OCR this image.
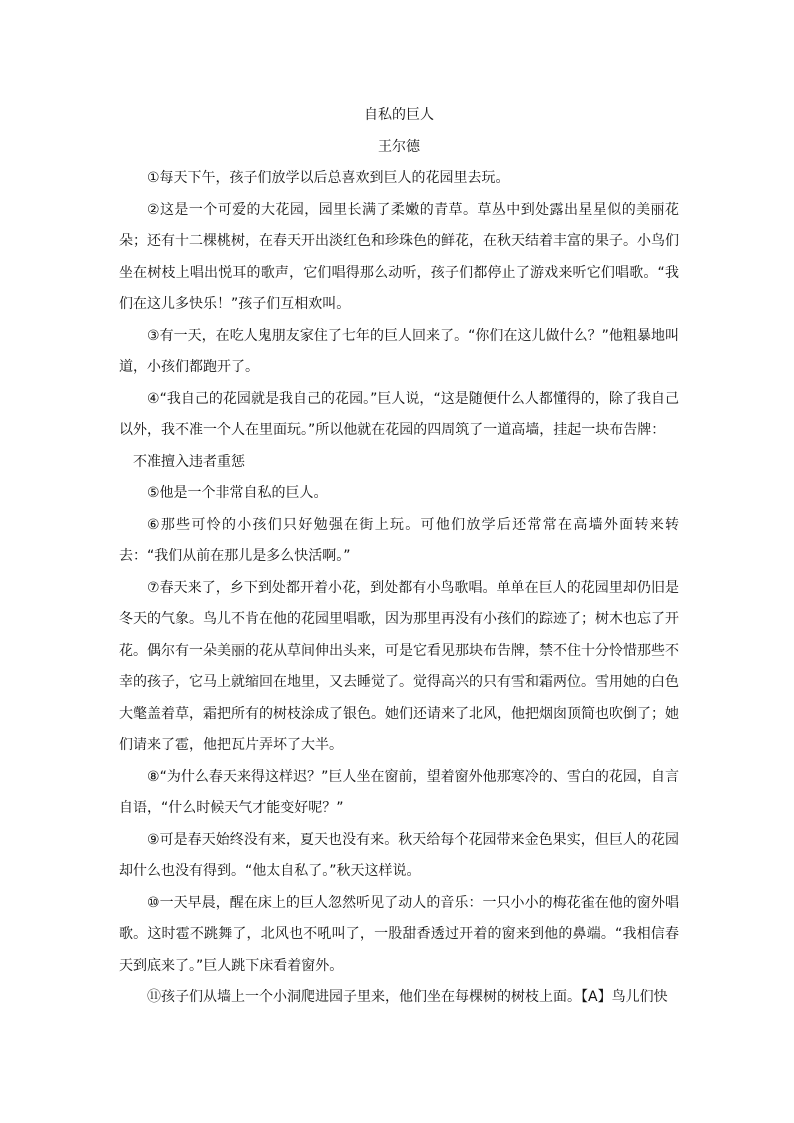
自私的巨人

王尔德

①每天下午，孩子们放学以后总喜欢到巨人的花园里去玩。

②这是一个可爱的大花园，园里长满了柔嫩的青草。草丛中到处露出星星似的美丽花朵；还有十二棵桃树，在春天开出淡红色和珍珠色的鲜花，在秋天结着丰富的果子。小鸟们坐在树枝上唱出悦耳的歌声，它们唱得那么动听，孩子们都停止了游戏来听它们唱歌。“我们在这儿多快乐！”孩子们互相欢叫。

③有一天，在吃人鬼朋友家住了七年的巨人回来了。“你们在这儿做什么？”他粗暴地叫道，小孩们都跑开了。

④“我自己的花园就是我自己的花园。”巨人说，“这是随便什么人都懂得的，除了我自己以外，我不准一个人在里面玩。”所以他就在花园的四周筑了一道高墙，挂起一块布告牌：

不准擅入违者重惩

⑤他是一个非常自私的巨人。

⑥那些可怜的小孩们只好勉强在街上玩。可他们放学后还常常在高墙外面转来转去：“我们从前在那儿是多么快活啊。”

⑦春天来了，乡下到处都开着小花，到处都有小鸟歌唱。单单在巨人的花园里却仍旧是冬天的气象。鸟儿不肯在他的花园里唱歌，因为那里再没有小孩们的踪迹了；树木也忘了开花。偶尔有一朵美丽的花从草间伸出头来，可是它看见那块布告牌，禁不住十分怜惜那些不幸的孩子，它马上就缩回在地里，又去睡觉了。觉得高兴的只有雪和霜两位。雪用她的白色大氅盖着草，霜把所有的树枝涂成了银色。她们还请来了北风，他把烟囱顶简也吹倒了；她们请来了雹，他把瓦片弄坏了大半。

⑧“为什么春天来得这样迟？”巨人坐在窗前，望着窗外他那寒冷的、雪白的花园，自言自语，“什么时候天气才能变好呢？”

⑨可是春天始终没有来，夏天也没有来。秋天给每个花园带来金色果实，但巨人的花园却什么也没有得到。“他太自私了。”秋天这样说。

⑩一天早晨，醒在床上的巨人忽然听见了动人的音乐：一只小小的梅花雀在他的窗外唱歌。这时雹不跳舞了，北风也不吼叫了，一股甜香透过开着的窗来到他的鼻端。“我相信春天到底来了。”巨人跳下床看着窗外。

⑪孩子们从墙上一个小洞爬进园子里来，他们坐在每棵树的树枝上面。【A】鸟儿们快
